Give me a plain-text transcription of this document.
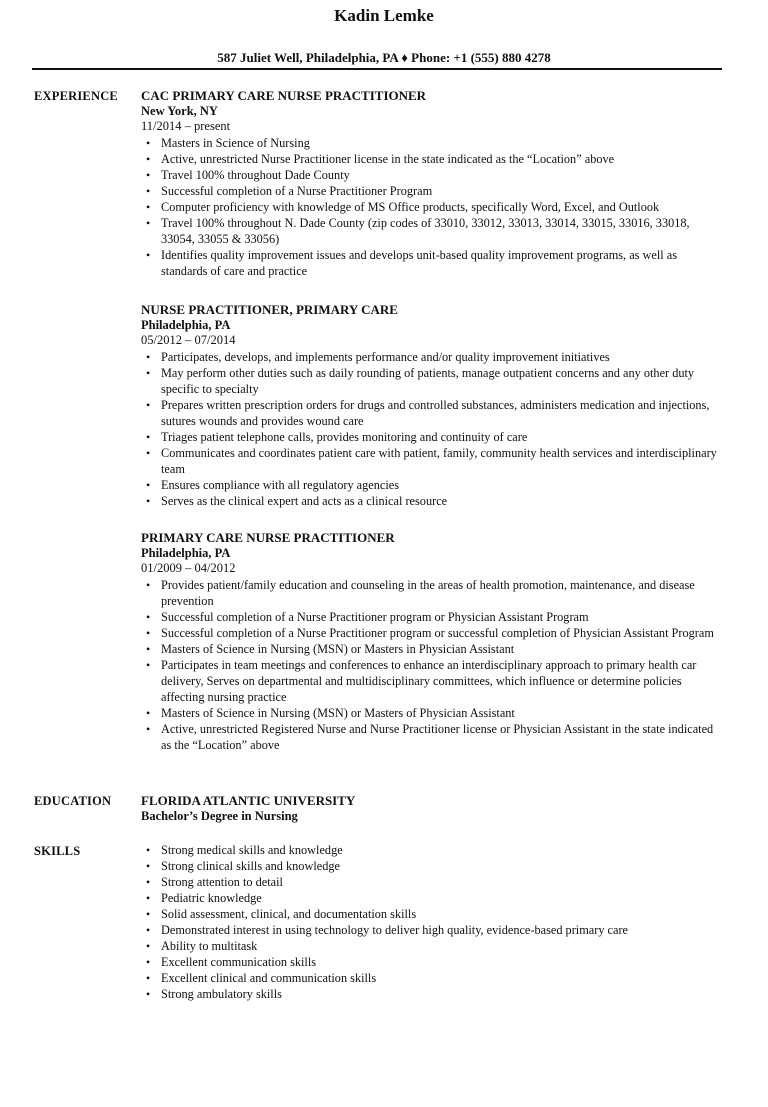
Kadin Lemke
587 Juliet Well, Philadelphia, PA ♦ Phone: +1 (555) 880 4278
EXPERIENCE CAC PRIMARY CARE NURSE PRACTITIONER

New York, NY

11/2014 – present

• Masters in Science of Nursing
• Active, unrestricted Nurse Practitioner license in the state indicated as the “Location” above
• Travel 100% throughout Dade County
• Successful completion of a Nurse Practitioner Program
• Computer proficiency with knowledge of MS Office products, specifically Word, Excel, and Outlook
• Travel 100% throughout N. Dade County (zip codes of 33010, 33012, 33013, 33014, 33015, 33016, 33018, 33054, 33055 & 33056)
• Identifies quality improvement issues and develops unit-based quality improvement programs, as well as standards of care and practice

NURSE PRACTITIONER, PRIMARY CARE

Philadelphia, PA

05/2012 – 07/2014

• Participates, develops, and implements performance and/or quality improvement initiatives
• May perform other duties such as daily rounding of patients, manage outpatient concerns and any other duty specific to specialty
• Prepares written prescription orders for drugs and controlled substances, administers medication and injections, sutures wounds and provides wound care
• Triages patient telephone calls, provides monitoring and continuity of care
• Communicates and coordinates patient care with patient, family, community health services and interdisciplinary team
• Ensures compliance with all regulatory agencies
• Serves as the clinical expert and acts as a clinical resource

PRIMARY CARE NURSE PRACTITIONER

Philadelphia, PA

01/2009 – 04/2012

• Provides patient/family education and counseling in the areas of health promotion, maintenance, and disease prevention
• Successful completion of a Nurse Practitioner program or Physician Assistant Program
• Successful completion of a Nurse Practitioner program or successful completion of Physician Assistant Program
• Masters of Science in Nursing (MSN) or Masters in Physician Assistant
• Participates in team meetings and conferences to enhance an interdisciplinary approach to primary health car delivery, Serves on departmental and multidisciplinary committees, which influence or determine policies affecting nursing practice
• Masters of Science in Nursing (MSN) or Masters of Physician Assistant
• Active, unrestricted Registered Nurse and Nurse Practitioner license or Physician Assistant in the state indicated as the “Location” above
EDUCATION FLORIDA ATLANTIC UNIVERSITY

Bachelor’s Degree in Nursing

SKILLS
•	Strong medical skills and knowledge
• Strong clinical skills and knowledge
• Strong attention to detail
• Pediatric knowledge
• Solid assessment, clinical, and documentation skills
• Demonstrated interest in using technology to deliver high quality, evidence-based primary care
• Ability to multitask
• Excellent communication skills
• Excellent clinical and communication skills
• Strong ambulatory skills
